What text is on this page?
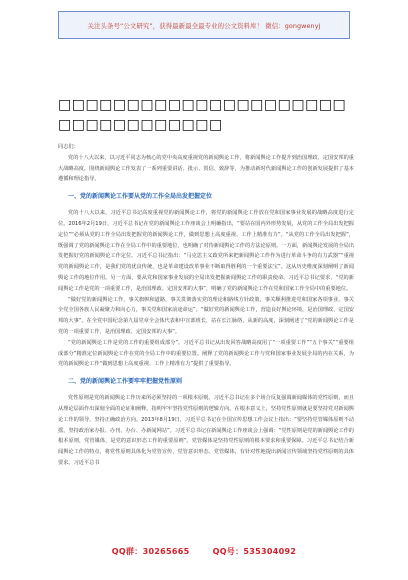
关注头条号“公文研究”，获得最新最全最专业的公文资料库！ 微信：gongwenyj
□□□□□□□□□□□□□□□□□□□□□□□□□□□□□□□□□

同志们：

党的十八大以来，以习近平同志为核心的党中央高度重视党的新闻舆论工作，将新闻舆论工作提升到治国理政、定国安邦的重大战略高度，围绕新闻舆论工作发表了一系列重要讲话、批示、贺信、致辞等，为推动新时代新闻舆论工作的创新发展提供了基本遵循和理论指导。

一、党的新闻舆论工作要从党的工作全局出发把握定位

党的十八大以来，习近平总书记高度重视党的新闻舆论工作，将党的新闻舆论工作放在党和国家事业发展的战略高度进行定位。2016年2月19日，习近平总书记在党的新闻舆论工作座谈会上明确指出，“要站在国内外形势发展，从党的工作全局出发把握定位”“必须从党的工作全局出发把握党的新闻舆论工作，做到思想上高度重视、工作上精准有力”。“从党的工作全局出发把握”，既强调了党的新闻舆论工作在全局工作中的重要地位，也明确了对待新闻舆论工作的方法论原则。一方面，新闻舆论发展的全局出发把握好党的新闻舆论工作定位。习近平总书记指出：“马克思主义政党所来把新闻舆论工作作为进行革命斗争的有力武器”“重视党的新闻舆论工作，是我们党的优良传统，也是革命建设改革事业不断取得胜利的一个重要法宝”。这从历史维度深刻阐明了新闻舆论工作的地位作用。另一方面，要从党和国家事业发展的全局出发把握新闻舆论工作的职责使命。习近平总书记要求，“党的新闻舆论工作是党的一项重要工作，是治国理政、定国安邦的大事”，明确了党的新闻舆论工作在党和国家工作全局中的重要地位。

“做好党的新闻舆论工作，事关旗帜和道路，事关贯彻落实党的理论和路线方针政策，事关顺利推进党和国家各项事业，事关全党全国各族人民凝聚力和向心力，事关党和国家前途命运”。“做好党的新闻舆论工作，营造良好舆论环境，是治国理政、定国安邦的大事”。在全党中国纪念第九届党章全会体代表和中宣部班长，站在长江脉络，从新的高度，深刻阐述了“党的新闻舆论工作是党的一项重要工作，是治国理政、定国安邦的大事”。

“党的新闻舆论工作是党的工作的重要组成部分”。习近平总书记从出发回答战略高度用了“一项重要工作”“五个事关”“重要组成部分”精准定位新闻舆论工作在党的全局工作中的重要位置。阐释了党的新闻舆论工作与党和国家事业发展全局的内在关系，为党的新闻舆论工作“做到思想上高度重视、工作上精准有力”提供了重要指导。

二、党的新闻舆论工作要牢牢把握党性原则

党性原则是党的新闻舆论工作历来所必须坚持的一项根本原则。习近平总书记在多个场合反复强调新闻媒体的党性原则，而且从理论层面作出深刻全面的论证和阐释。指明牢牢坚持党性原则的逻辑方向。在根本意义上，坚持党性原则就是要坚持党对新闻舆论工作的领导，坚持正确政治方向。2013年8月19日，习近平总书记在全国宣传思想工作会议上指出：“要坚持党管媒体原则不动摇，坚持政治家办报、办刊、办台、办新闻网站”。习近平总书记在新闻舆论工作座谈会上强调：“党性原则是党的新闻舆论工作的根本原则，党管媒体，是党的意识形态工作的重要原则”。党管媒体是坚持党性原则的根本要求和重要保障。习近平总书记结合新闻舆论工作的特点，将党性原则具体化为党管宣传、党管意识形态、党管媒体，有针对性地提出新闻宣传领域坚持党性原则的具体要求。习近平总书

QQ群：30265665	QQ号：535304092
